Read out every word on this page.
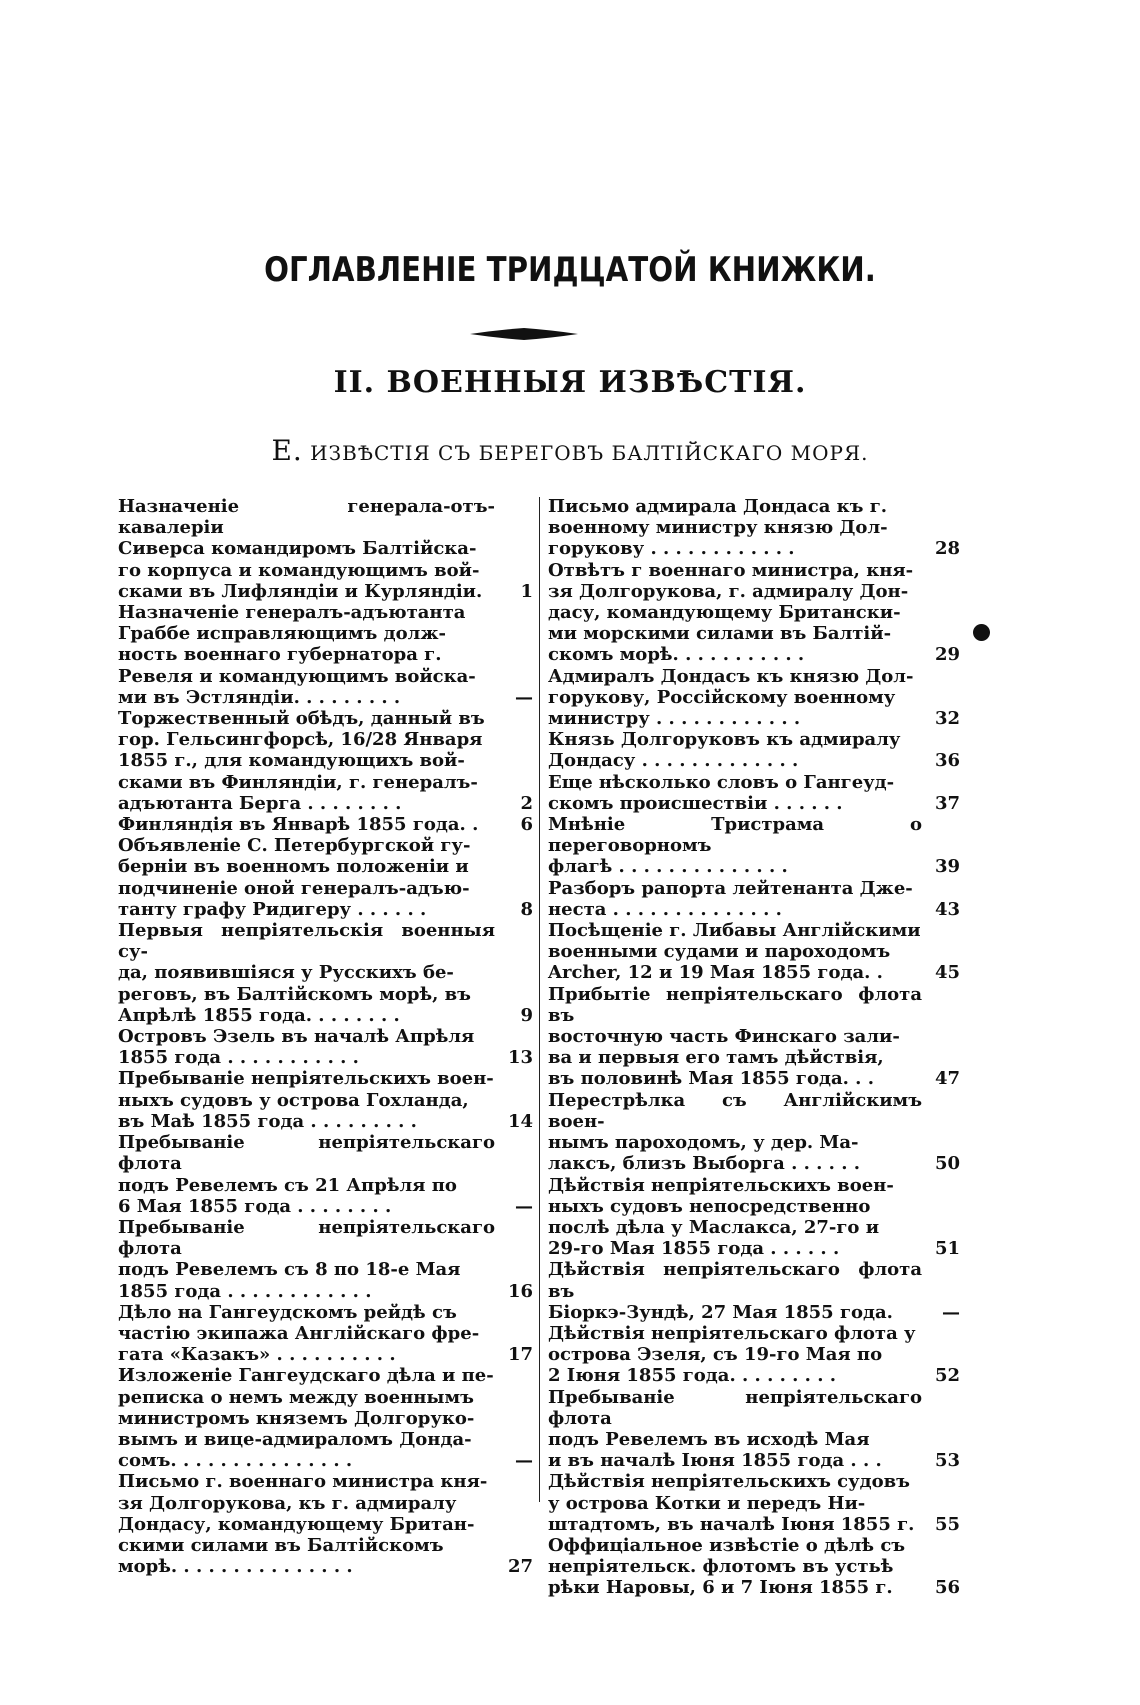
ОГЛАВЛЕНІЕ ТРИДЦАТОЙ КНИЖКИ.
II. ВОЕННЫЯ ИЗВѢСТІЯ.
Е. ИЗВѢСТІЯ СЪ БЕРЕГОВЪ БАЛТІЙСКАГО МОРЯ.
Назначеніе генерала-отъ-кавалеріи
Сиверса командиромъ Балтійска-
го корпуса и командующимъ вой-
сками въ Лифляндіи и Курляндіи.	1
Назначеніе генералъ-адъютанта
Граббе исправляющимъ долж-
ность военнаго губернатора г.
Ревеля и командующимъ войска-
ми въ Эстляндіи. . . . . . . . .	—
Торжественный обѣдъ, данный въ
гор. Гельсингфорсѣ, 16/28 Января
1855 г., для командующихъ вой-
сками въ Финляндіи, г. генералъ-
адъютанта Берга . . . . . . . .	2
Финляндія въ Январѣ 1855 года. .	6
Объявленіе С. Петербургской гу-
берніи въ военномъ положеніи и
подчиненіе оной генералъ-адъю-
танту графу Ридигеру . . . . . .	8
Первыя непріятельскія военныя су-
да, появившіяся у Русскихъ бе-
реговъ, въ Балтійскомъ морѣ, въ
Апрѣлѣ 1855 года. . . . . . . .	9
Островъ Эзель въ началѣ Апрѣля
1855 года . . . . . . . . . . .	13
Пребываніе непріятельскихъ воен-
ныхъ судовъ у острова Гохланда,
въ Маѣ 1855 года . . . . . . . . .	14
Пребываніе непріятельскаго флота
подъ Ревелемъ съ 21 Апрѣля по
6 Мая 1855 года . . . . . . . .	—
Пребываніе непріятельскаго флота
подъ Ревелемъ съ 8 по 18-е Мая
1855 года . . . . . . . . . . . .	16
Дѣло на Гангеудскомъ рейдѣ съ
частію экипажа Англійскаго фре-
гата «Казакъ» . . . . . . . . . .	17
Изложеніе Гангеудскаго дѣла и пе-
реписка о немъ между военнымъ
министромъ княземъ Долгоруко-
вымъ и вице-адмираломъ Дондa-
сомъ. . . . . . . . . . . . . . .	—
Письмо г. военнаго министра кня-
зя Долгорукова, къ г. адмиралу
Дондасу, командующему Британ-
скими силами въ Балтійскомъ
морѣ. . . . . . . . . . . . . . .	27
Письмо адмирала Дондаса къ г.
военному министру князю Дол-
горукову . . . . . . . . . . . .	28
Отвѣтъ г военнаго министра, кня-
зя Долгорукова, г. адмиралу Дон-
дасу, командующему Британски-
ми морскими силами въ Балтій-
скомъ морѣ. . . . . . . . . . .	29
Адмиралъ Дондасъ къ князю Дол-
горукову, Россійскому военному
министру . . . . . . . . . . . .	32
Князь Долгоруковъ къ адмиралу
Дондасу . . . . . . . . . . . . .	36
Еще нѣсколько словъ о Гангеуд-
скомъ происшествіи . . . . . .	37
Мнѣніе Тристрама о переговорномъ
флагѣ . . . . . . . . . . . . . .	39
Разборъ рапорта лейтенанта Дже-
неста . . . . . . . . . . . . . .	43
Посѣщеніе г. Либавы Англійскими
военными судами и пароходомъ
Archer, 12 и 19 Мая 1855 года. .	45
Прибытіе непріятельскаго флота въ
восточную часть Финскаго зали-
ва и первыя его тамъ дѣйствія,
въ половинѣ Мая 1855 года. . .	47
Перестрѣлка съ Англійскимъ воен-
нымъ пароходомъ, у дер. Ма-
лаксъ, близъ Выборга . . . . . .	50
Дѣйствія непріятельскихъ воен-
ныхъ судовъ непосредственно
послѣ дѣла у Маслакса, 27-го и
29-го Мая 1855 года . . . . . .	51
Дѣйствія непріятельскаго флота въ
Біоркэ-Зундѣ, 27 Мая 1855 года.	—
Дѣйствія непріятельскаго флота у
острова Эзеля, съ 19-го Мая по
2 Іюня 1855 года. . . . . . . . .	52
Пребываніе непріятельскаго флота
подъ Ревелемъ въ исходѣ Мая
и въ началѣ Іюня 1855 года . . .	53
Дѣйствія непріятельскихъ судовъ
у острова Котки и передъ Ни-
штадтомъ, въ началѣ Іюня 1855 г.	55
Оффиціальное извѣстіе о дѣлѣ съ
непріятельск. флотомъ въ устьѣ
рѣки Наровы, 6 и 7 Іюня 1855 г.	56
